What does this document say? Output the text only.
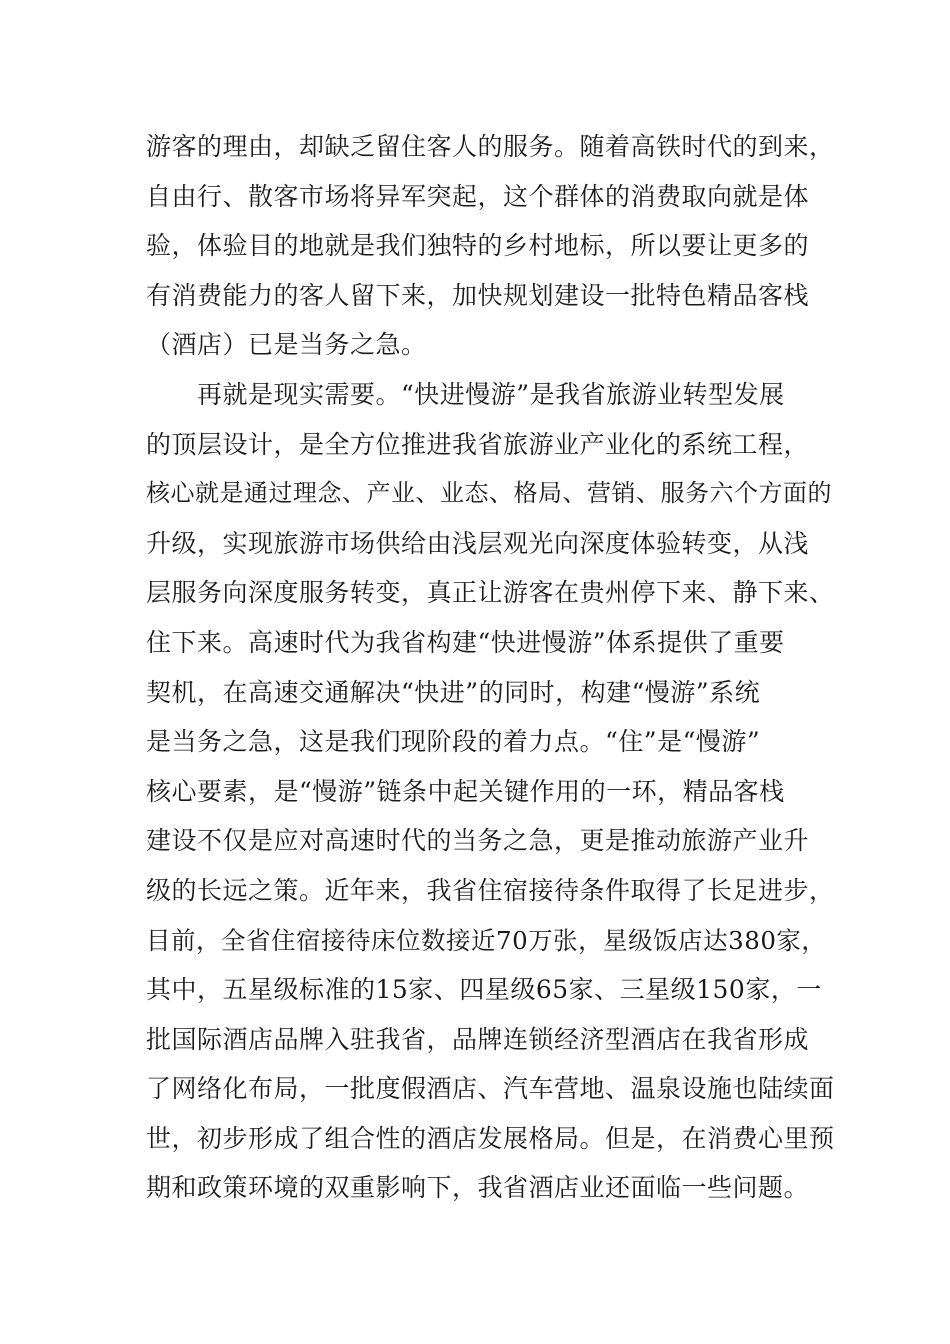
游客的理由，却缺乏留住客人的服务。随着高铁时代的到来，
自由行、散客市场将异军突起，这个群体的消费取向就是体
验，体验目的地就是我们独特的乡村地标，所以要让更多的
有消费能力的客人留下来，加快规划建设一批特色精品客栈
（酒店）已是当务之急。
　　再就是现实需要。“快进慢游”是我省旅游业转型发展
的顶层设计，是全方位推进我省旅游业产业化的系统工程，
核心就是通过理念、产业、业态、格局、营销、服务六个方面的
升级，实现旅游市场供给由浅层观光向深度体验转变，从浅
层服务向深度服务转变，真正让游客在贵州停下来、静下来、
住下来。高速时代为我省构建“快进慢游”体系提供了重要
契机，在高速交通解决“快进”的同时，构建“慢游”系统
是当务之急，这是我们现阶段的着力点。“住”是“慢游”
核心要素，是“慢游”链条中起关键作用的一环，精品客栈
建设不仅是应对高速时代的当务之急，更是推动旅游产业升
级的长远之策。近年来，我省住宿接待条件取得了长足进步，
目前，全省住宿接待床位数接近70万张，星级饭店达380家，
其中，五星级标准的15家、四星级65家、三星级150家，一
批国际酒店品牌入驻我省，品牌连锁经济型酒店在我省形成
了网络化布局，一批度假酒店、汽车营地、温泉设施也陆续面
世，初步形成了组合性的酒店发展格局。但是，在消费心里预
期和政策环境的双重影响下，我省酒店业还面临一些问题。
